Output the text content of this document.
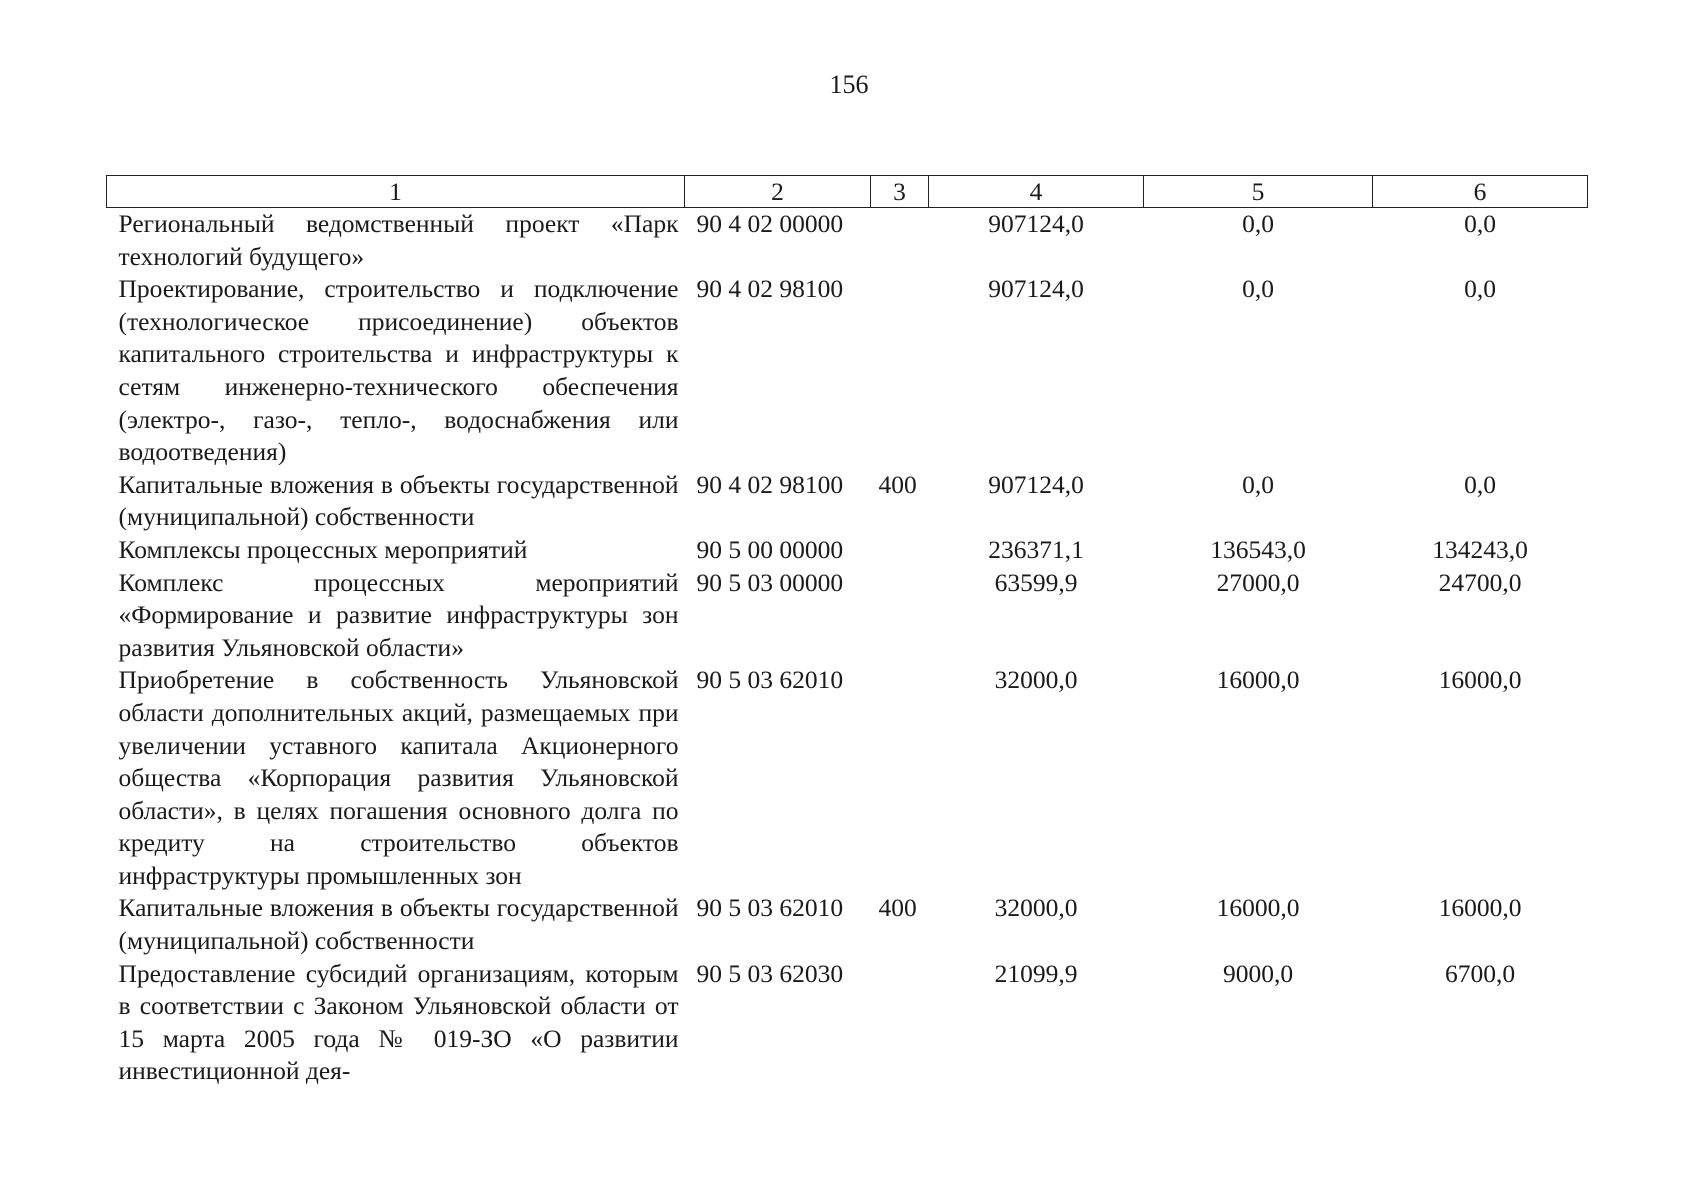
156
1	2	3	4	5	6
Региональный ведомственный проект «Парк технологий будущего»	90 4 02 00000		907124,0	0,0	0,0
Проектирование, строительство и подключение (технологическое присоединение) объектов капитального строительства и инфраструктуры к сетям инженерно-технического обеспечения (электро-, газо-, тепло-, водоснабжения или водоотведения)	90 4 02 98100		907124,0	0,0	0,0
Капитальные вложения в объекты государственной (муниципальной) собственности	90 4 02 98100	400	907124,0	0,0	0,0
Комплексы процессных мероприятий	90 5 00 00000		236371,1	136543,0	134243,0
Комплекс процессных мероприятий «Формирование и развитие инфраструктуры зон развития Ульяновской области»	90 5 03 00000		63599,9	27000,0	24700,0
Приобретение в собственность Ульяновской области дополнительных акций, размещаемых при увеличении уставного капитала Акционерного общества «Корпорация развития Ульяновской области», в целях погашения основного долга по кредиту на строительство объектов инфраструктуры промышленных зон	90 5 03 62010		32000,0	16000,0	16000,0
Капитальные вложения в объекты государственной (муниципальной) собственности	90 5 03 62010	400	32000,0	16000,0	16000,0
Предоставление субсидий организациям, которым в соответствии с Законом Ульяновской области от 15 марта 2005 года № 019-ЗО «О развитии инвестиционной дея-	90 5 03 62030		21099,9	9000,0	6700,0
